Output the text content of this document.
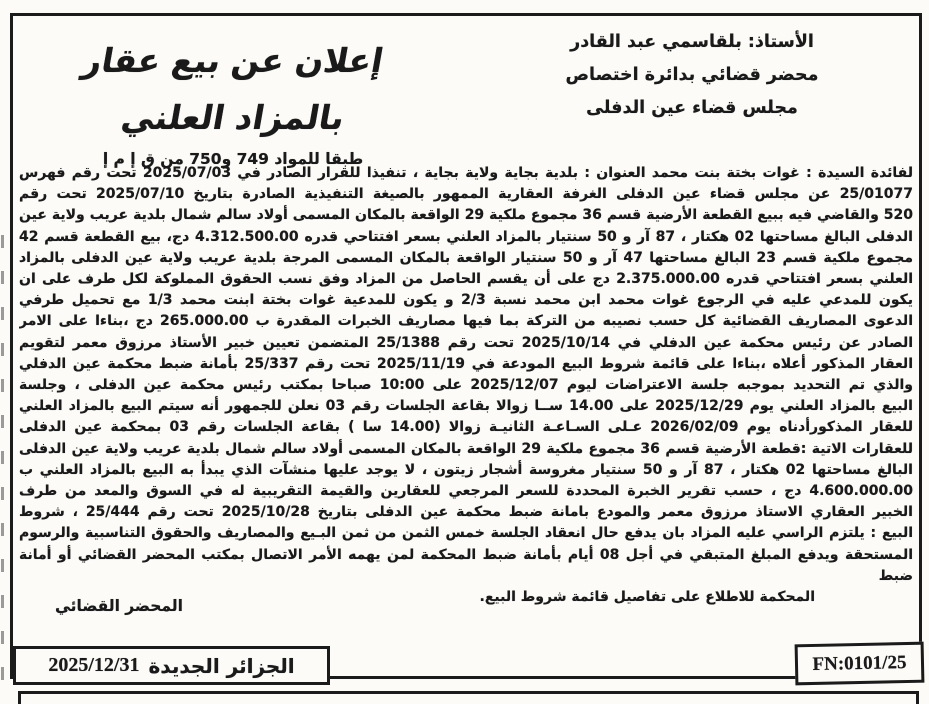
الأستاذ: بلقاسمي عبد القادر
محضر قضائي بدائرة اختصاص
مجلس قضاء عين الدفلى
إعلان عن بيع عقار
بالمزاد العلني
طبقا للمواد 749 و750 من ق إ م إ
لفائدة السيدة : غوات بختة بنت محمد العنوان : بلدية بجاية ولاية بجاية ، تنفيذا للقرار الصادر في 2025/07/03 تحت رقم فهرس
25/01077 عن مجلس قضاء عين الدفلى الغرفة العقارية الممهور بالصيغة التنفيذية الصادرة بتاريخ 2025/07/10 تحت رقم
520 والقاضي فيه ببيع القطعة الأرضية قسم 36 مجموع ملكية 29 الواقعة بالمكان المسمى أولاد سالم شمال بلدية عريب ولاية عين
الدفلى البالغ مساحتها 02 هكتار ، 87 آر و 50 سنتيار بالمزاد العلني بسعر افتتاحي قدره 4.312.500.00 دج، بيع القطعة قسم 42
مجموع ملكية قسم 23 البالغ مساحتها 47 آر و 50 سنتيار الواقعة بالمكان المسمى المرجة بلدية عريب ولاية عين الدفلى بالمزاد
العلني بسعر افتتاحي قدره 2.375.000.00 دج على أن يقسم الحاصل من المزاد وفق نسب الحقوق المملوكة لكل طرف على ان
يكون للمدعي عليه في الرجوع غوات محمد ابن محمد نسبة 2/3 و يكون للمدعية غوات بختة ابنت محمد 1/3 مع تحميل طرفي
الدعوى المصاريف القضائية كل حسب نصيبه من التركة بما فيها مصاريف الخبرات المقدرة ب 265.000.00 دج ،بناءا على الامر
الصادر عن رئيس محكمة عين الدفلي في 2025/10/14 تحت رقم 25/1388 المتضمن تعيين خبير الأستاذ مرزوق معمر لتقويم
العقار المذكور أعلاه ،بناءا على قائمة شروط البيع المودعة في 2025/11/19 تحت رقم 25/337 بأمانة ضبط محكمة عين الدفلي
والذي تم التحديد بموجبه جلسة الاعتراضات ليوم 2025/12/07 على 10:00 صباحا بمكتب رئيس محكمة عين الدفلى ، وجلسة
البيع بالمزاد العلني يوم 2025/12/29 على 14.00 ســا زوالا بقاعة الجلسات رقم 03 نعلن للجمهور أنه سيتم البيع بالمزاد العلني
للعقار المذكورأدناه يوم 2026/02/09 عـلى السـاعـة الثانيـة زوالا (14.00 سا ) بقاعة الجلسات رقم 03 بمحكمة عين الدفلى
للعقارات الاتية :قطعة الأرضية قسم 36 مجموع ملكية 29 الواقعة بالمكان المسمى أولاد سالم شمال بلدية عريب ولاية عين الدفلى
البالغ مساحتها 02 هكتار ، 87 آر و 50 سنتيار مغروسة أشجار زيتون ، لا يوجد عليها منشآت الذي يبدأ به البيع بالمزاد العلني ب
4.600.000.00 دج ، حسب تقرير الخبرة المحددة للسعر المرجعي للعقارين والقيمة التقريبية له في السوق والمعد من طرف
الخبير العقاري الاستاذ مرزوق معمر والمودع بامانة ضبط محكمة عين الدفلى بتاريخ 2025/10/28 تحت رقم 25/444 ، شروط
البيع : يلتزم الراسي عليه المزاد بان يدفع حال انعقاد الجلسة خمس الثمن من ثمن البـيع والمصاريف والحقوق التناسبية والرسوم
المستحقة ويدفع المبلغ المتبقي في أجل 08 أيام بأمانة ضبط المحكمة لمن يهمه الأمر الاتصال بمكتب المحضر القضائي أو أمانة ضبط
المحكمة للاطلاع على تفاصيل قائمة شروط البيع.
المحضر القضائي
الجزائر الجديدة
2025/12/31	FN:0101/25
